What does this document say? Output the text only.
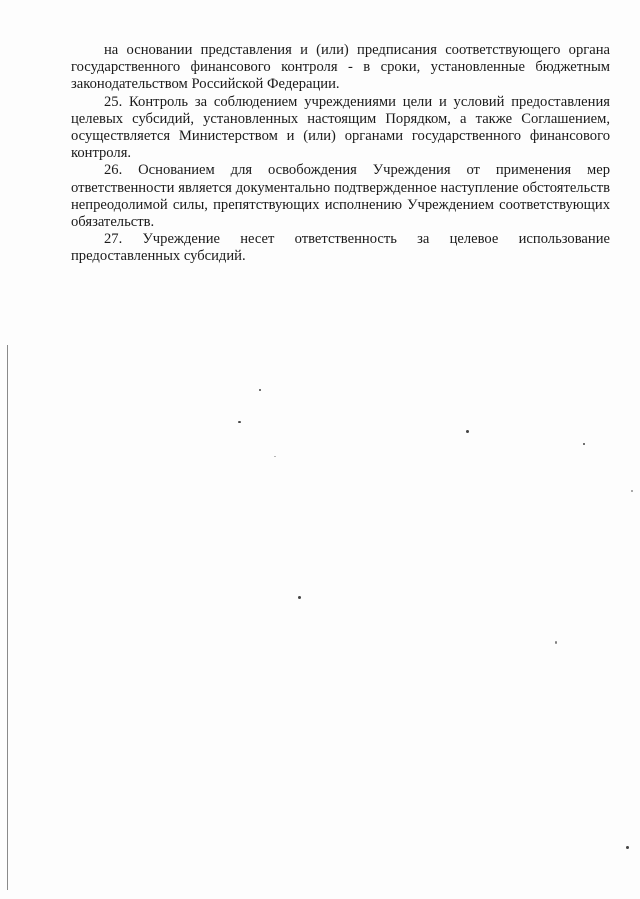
на основании представления и (или) предписания соответствующего органа государственного финансового контроля - в сроки, установленные бюджетным законодательством Российской Федерации.

25. Контроль за соблюдением учреждениями цели и условий предоставления целевых субсидий, установленных настоящим Порядком, а также Соглашением, осуществляется Министерством и (или) органами государственного финансового контроля.

26. Основанием для освобождения Учреждения от применения мер ответственности является документально подтвержденное наступление обстоятельств непреодолимой силы, препятствующих исполнению Учреждением соответствующих обязательств.

27. Учреждение несет ответственность за целевое использование предоставленных субсидий.
